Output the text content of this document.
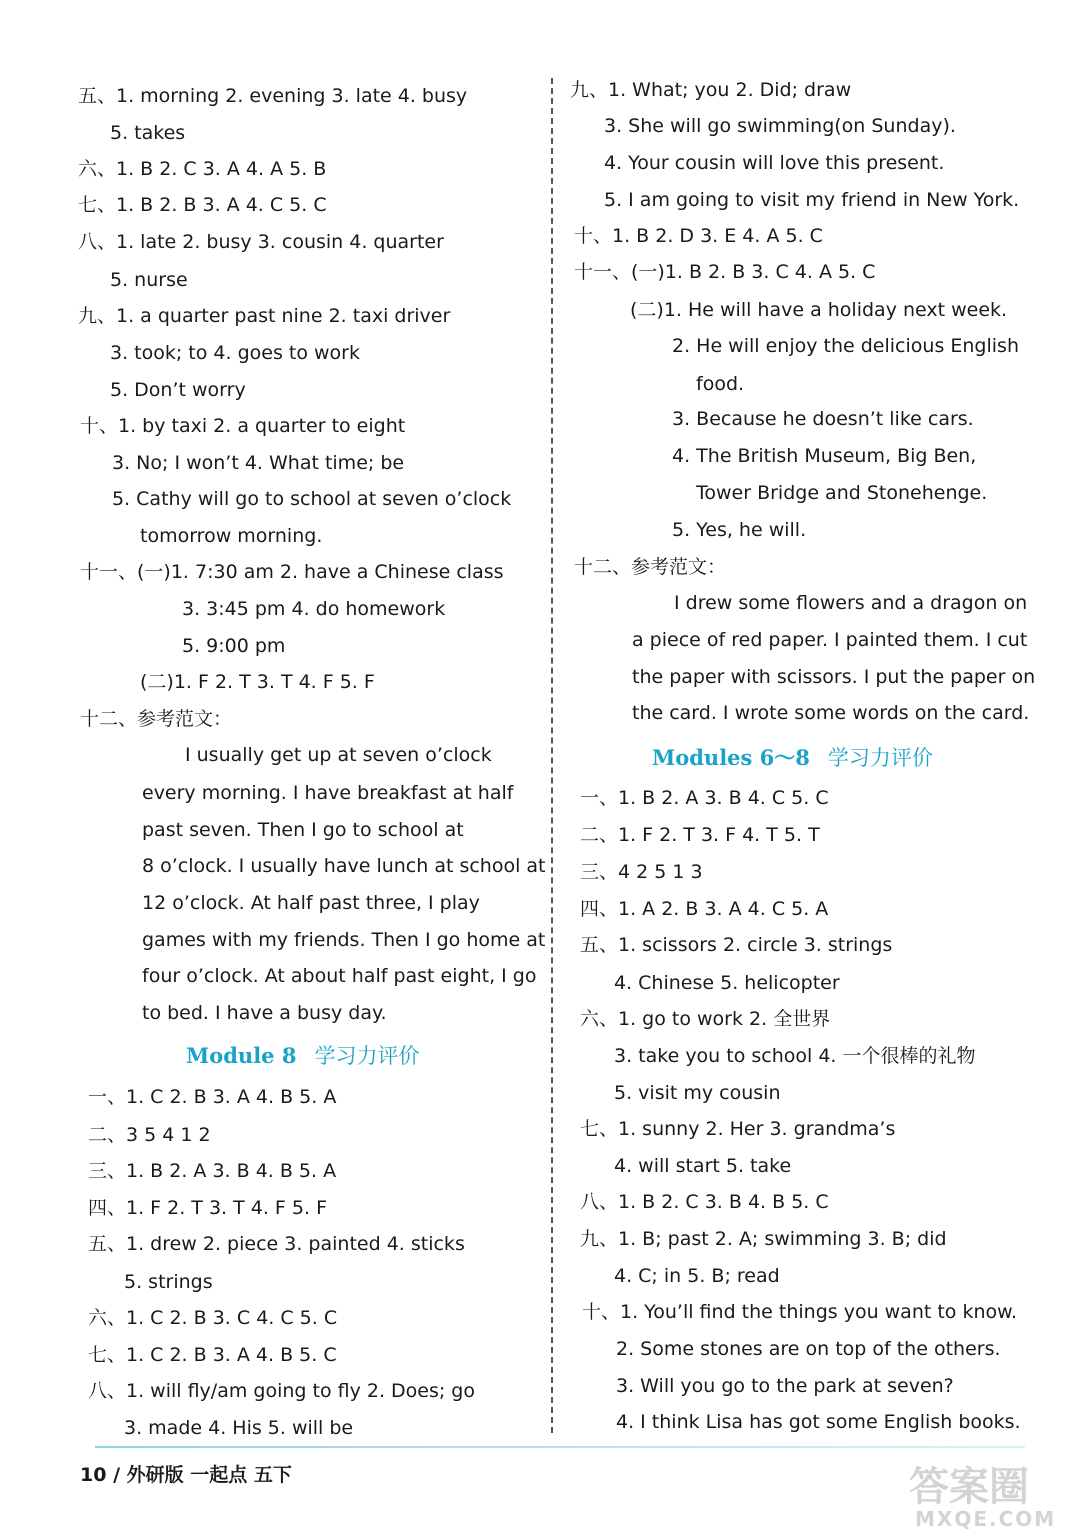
五、1. morning 2. evening 3. late 4. busy
5. takes
六、1. B 2. C 3. A 4. A 5. B
七、1. B 2. B 3. A 4. C 5. C
八、1. late 2. busy 3. cousin 4. quarter
5. nurse
九、1. a quarter past nine 2. taxi driver
3. took; to 4. goes to work
5. Don’t worry
十、1. by taxi 2. a quarter to eight
3. No; I won’t 4. What time; be
5. Cathy will go to school at seven o’clock
tomorrow morning.
十一、(一)1. 7:30 am 2. have a Chinese class
3. 3:45 pm 4. do homework
5. 9:00 pm
(二)1. F 2. T 3. T 4. F 5. F
十二、参考范文：
I usually get up at seven o’clock
every morning. I have breakfast at half
past seven. Then I go to school at
8 o’clock. I usually have lunch at school at
12 o’clock. At half past three, I play
games with my friends. Then I go home at
four o’clock. At about half past eight, I go
to bed. I have a busy day.
Module 8 学习力评价
一、1. C 2. B 3. A 4. B 5. A
二、3 5 4 1 2
三、1. B 2. A 3. B 4. B 5. A
四、1. F 2. T 3. T 4. F 5. F
五、1. drew 2. piece 3. painted 4. sticks
5. strings
六、1. C 2. B 3. C 4. C 5. C
七、1. C 2. B 3. A 4. B 5. C
八、1. will fly/am going to fly 2. Does; go
3. made 4. His 5. will be
九、1. What; you 2. Did; draw
3. She will go swimming(on Sunday).
4. Your cousin will love this present.
5. I am going to visit my friend in New York.
十、1. B 2. D 3. E 4. A 5. C
十一、(一)1. B 2. B 3. C 4. A 5. C
(二)1. He will have a holiday next week.
2. He will enjoy the delicious English
food.
3. Because he doesn’t like cars.
4. The British Museum, Big Ben,
Tower Bridge and Stonehenge.
5. Yes, he will.
十二、参考范文：
I drew some flowers and a dragon on
a piece of red paper. I painted them. I cut
the paper with scissors. I put the paper on
the card. I wrote some words on the card.
Modules 6～8 学习力评价
一、1. B 2. A 3. B 4. C 5. C
二、1. F 2. T 3. F 4. T 5. T
三、4 2 5 1 3
四、1. A 2. B 3. A 4. C 5. A
五、1. scissors 2. circle 3. strings
4. Chinese 5. helicopter
六、1. go to work 2. 全世界
3. take you to school 4. 一个很棒的礼物
5. visit my cousin
七、1. sunny 2. Her 3. grandma’s
4. will start 5. take
八、1. B 2. C 3. B 4. B 5. C
九、1. B; past 2. A; swimming 3. B; did
4. C; in 5. B; read
十、1. You’ll find the things you want to know.
2. Some stones are on top of the others.
3. Will you go to the park at seven?
4. I think Lisa has got some English books.
10 / 外研版 一起点 五下	答案圈
MXQE.COM
